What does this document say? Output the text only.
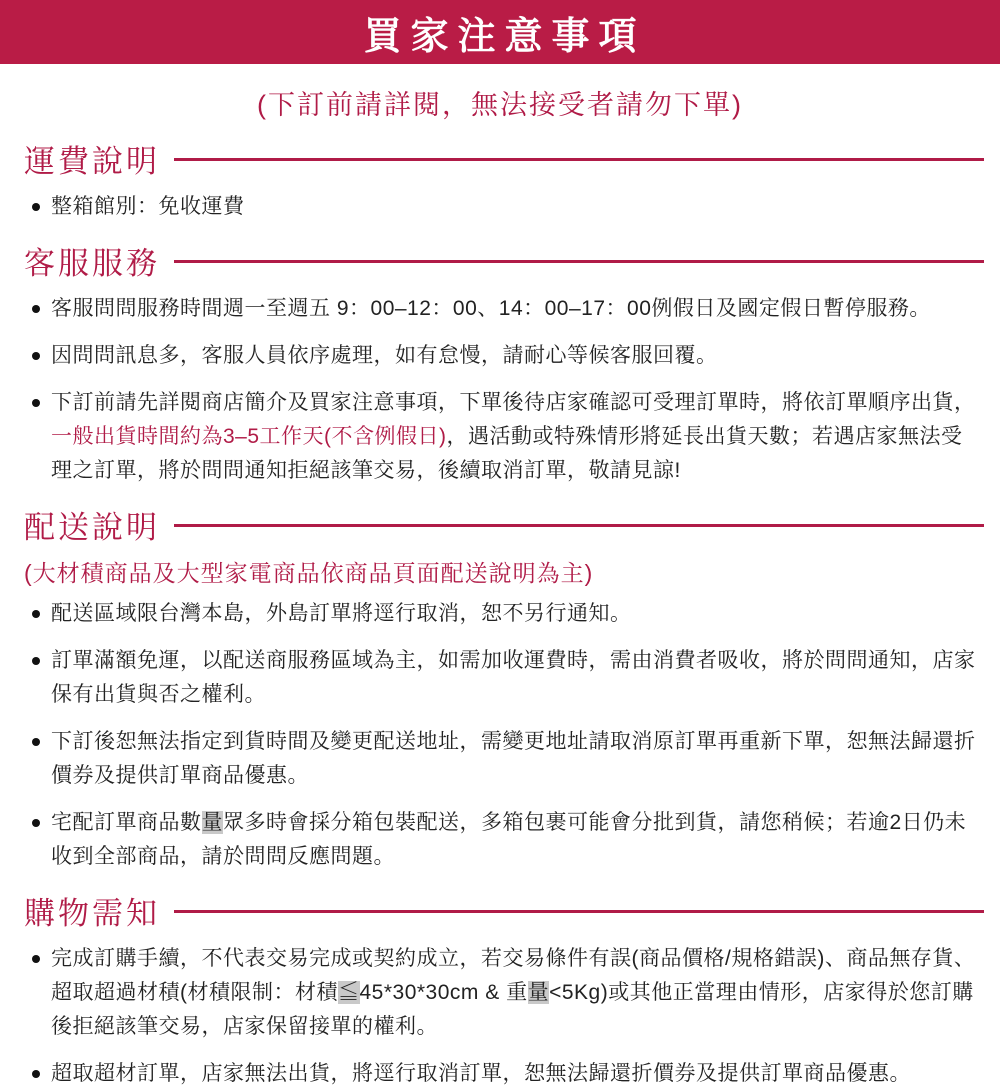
買家注意事項

(下訂前請詳閱，無法接受者請勿下單)

運費說明
整箱館別：免收運費
客服服務
客服問問服務時間週一至週五 9：00–12：00、14：00–17：00例假日及國定假日暫停服務。
因問問訊息多，客服人員依序處理，如有怠慢，請耐心等候客服回覆。
下訂前請先詳閱商店簡介及買家注意事項，下單後待店家確認可受理訂單時，將依訂單順序出貨，一般出貨時間約為3–5工作天(不含例假日)，遇活動或特殊情形將延長出貨天數；若遇店家無法受理之訂單，將於問問通知拒絕該筆交易，後續取消訂單，敬請見諒!
配送說明

(大材積商品及大型家電商品依商品頁面配送說明為主)

配送區域限台灣本島，外島訂單將逕行取消，恕不另行通知。
訂單滿額免運，以配送商服務區域為主，如需加收運費時，需由消費者吸收，將於問問通知，店家保有出貨與否之權利。
下訂後恕無法指定到貨時間及變更配送地址，需變更地址請取消原訂單再重新下單，恕無法歸還折價券及提供訂單商品優惠。
宅配訂單商品數量眾多時會採分箱包裝配送，多箱包裹可能會分批到貨，請您稍候；若逾2日仍未收到全部商品，請於問問反應問題。
購物需知
完成訂購手續，不代表交易完成或契約成立，若交易條件有誤(商品價格/規格錯誤)、商品無存貨、超取超過材積(材積限制：材積≦45*30*30cm & 重量<5Kg)或其他正當理由情形，店家得於您訂購後拒絕該筆交易，店家保留接單的權利。
超取超材訂單，店家無法出貨，將逕行取消訂單，恕無法歸還折價券及提供訂單商品優惠。
